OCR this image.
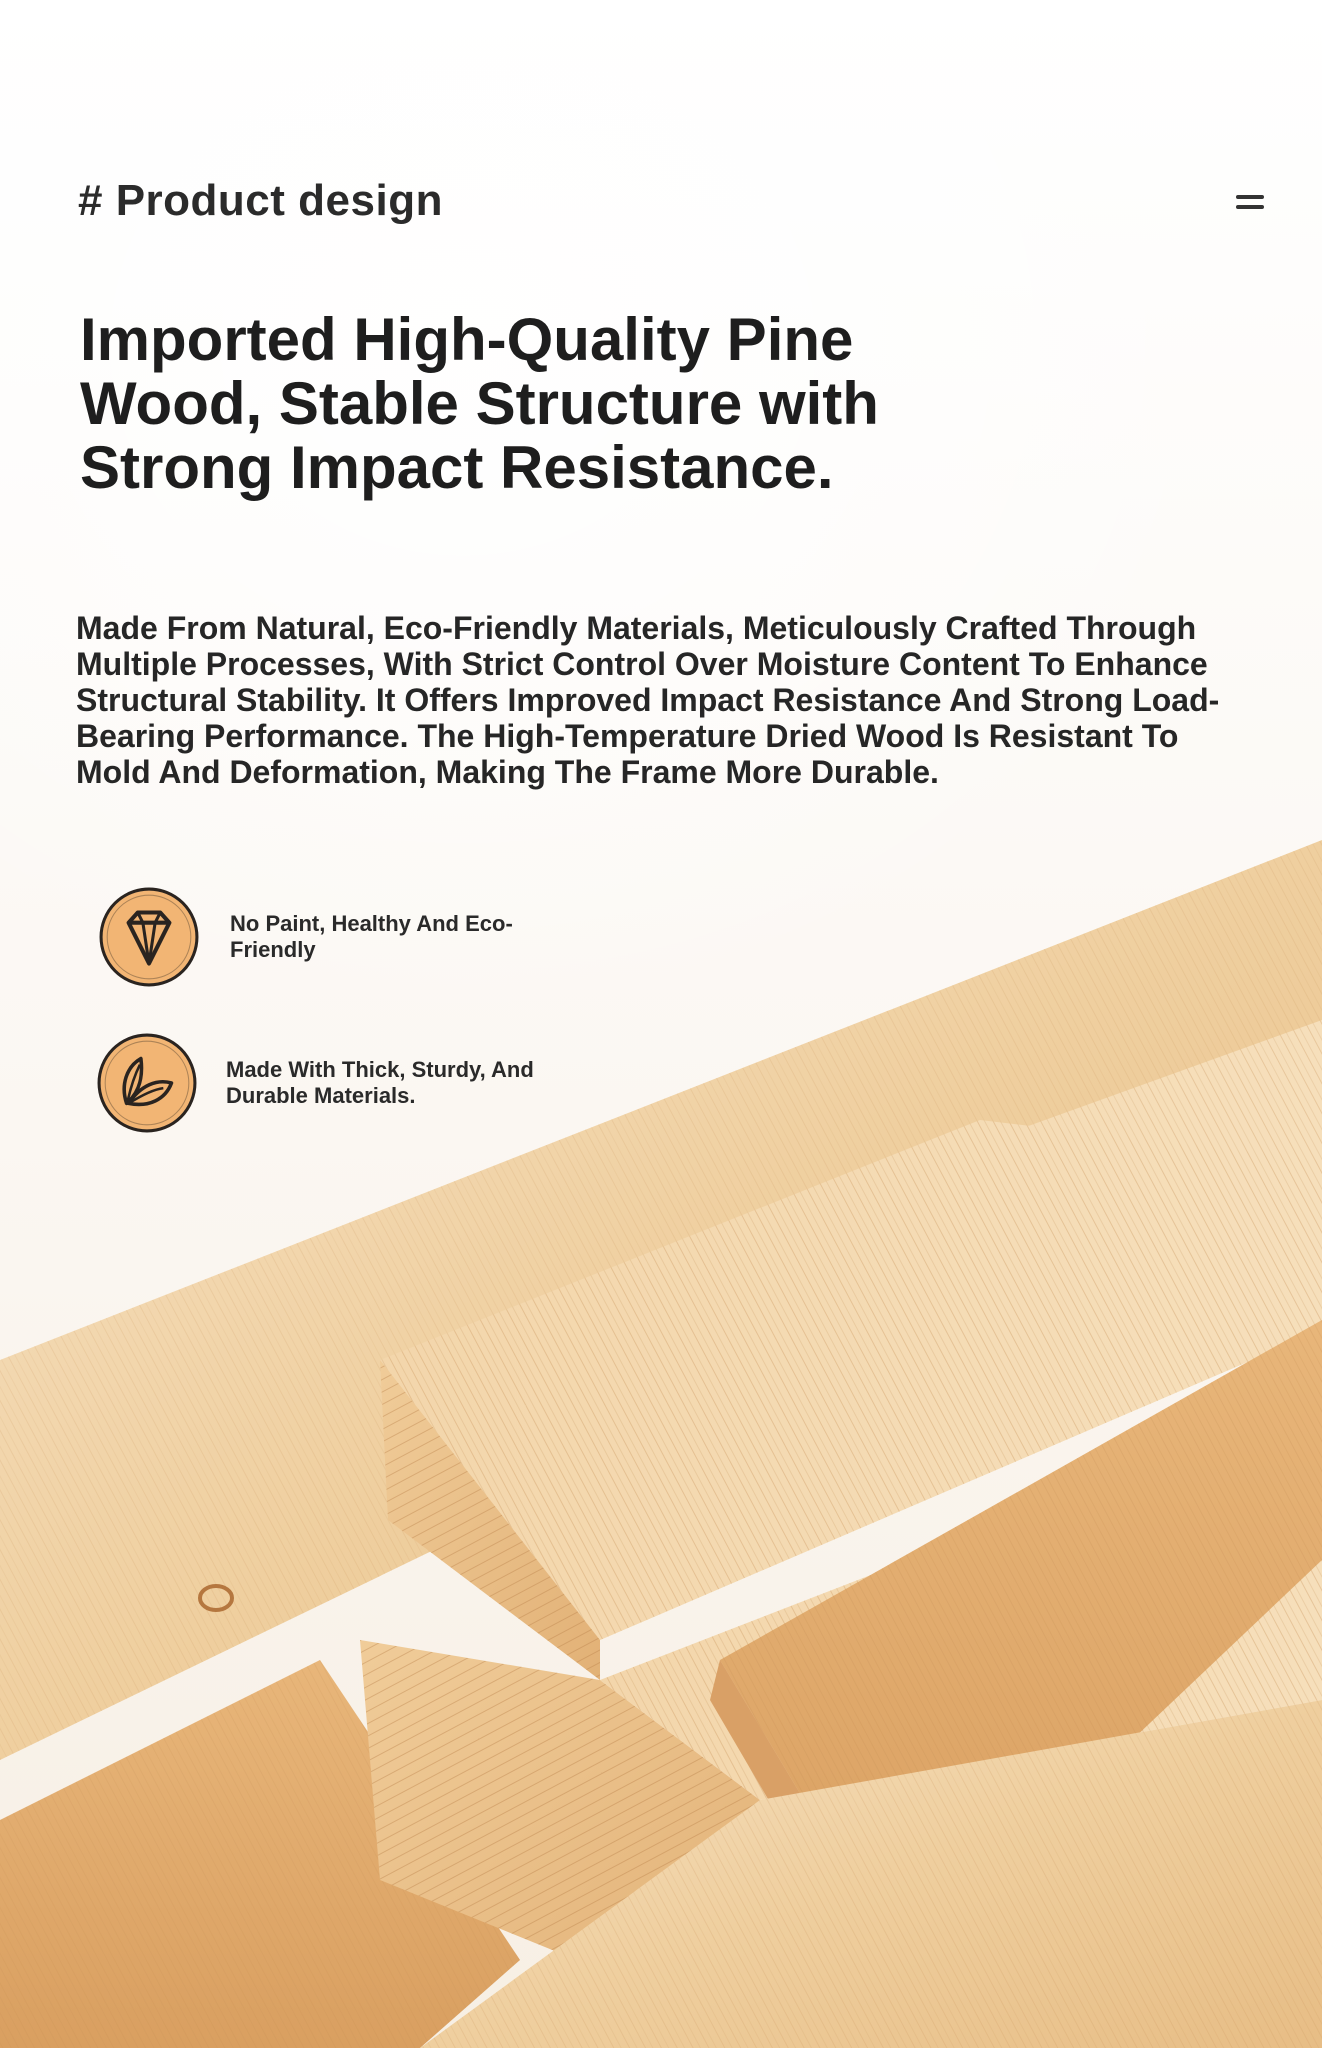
# Product design
Imported High-Quality Pine Wood, Stable Structure with Strong Impact Resistance.

Made From Natural, Eco-Friendly Materials, Meticulously Crafted Through Multiple Processes, With Strict Control Over Moisture Content To Enhance Structural Stability. It Offers Improved Impact Resistance And Strong Load-Bearing Performance. The High-Temperature Dried Wood Is Resistant To Mold And Deformation, Making The Frame More Durable.

No Paint, Healthy And Eco-Friendly
Made With Thick, Sturdy, And Durable Materials.
